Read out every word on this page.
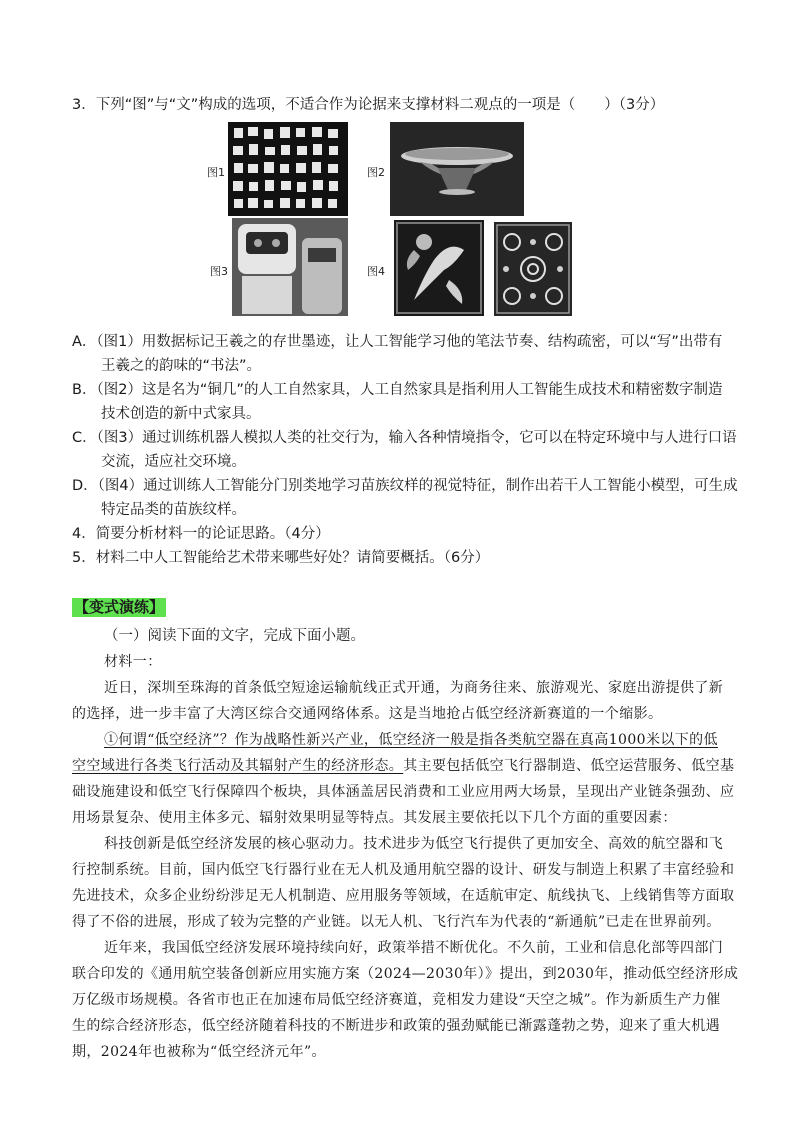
3．下列“图”与“文”构成的选项，不适合作为论据来支撑材料二观点的一项是（　　）（3分）
图1	图2
图3	图4
A．（图1）用数据标记王羲之的存世墨迹，让人工智能学习他的笔法节奏、结构疏密，可以“写”出带有
王羲之的韵味的“书法”。
B．（图2）这是名为“铜几”的人工自然家具，人工自然家具是指利用人工智能生成技术和精密数字制造
技术创造的新中式家具。
C．（图3）通过训练机器人模拟人类的社交行为，输入各种情境指令，它可以在特定环境中与人进行口语
交流，适应社交环境。
D．（图4）通过训练人工智能分门别类地学习苗族纹样的视觉特征，制作出若干人工智能小模型，可生成
特定品类的苗族纹样。
4．简要分析材料一的论证思路。（4分）
5．材料二中人工智能给艺术带来哪些好处？请简要概括。（6分）
【变式演练】
（一）阅读下面的文字，完成下面小题。
材料一：
近日，深圳至珠海的首条低空短途运输航线正式开通，为商务往来、旅游观光、家庭出游提供了新
的选择，进一步丰富了大湾区综合交通网络体系。这是当地抢占低空经济新赛道的一个缩影。
①何谓“低空经济”？作为战略性新兴产业，低空经济一般是指各类航空器在真高1000米以下的低
空空域进行各类飞行活动及其辐射产生的经济形态。其主要包括低空飞行器制造、低空运营服务、低空基
础设施建设和低空飞行保障四个板块，具体涵盖居民消费和工业应用两大场景，呈现出产业链条强劲、应
用场景复杂、使用主体多元、辐射效果明显等特点。其发展主要依托以下几个方面的重要因素：
科技创新是低空经济发展的核心驱动力。技术进步为低空飞行提供了更加安全、高效的航空器和飞
行控制系统。目前，国内低空飞行器行业在无人机及通用航空器的设计、研发与制造上积累了丰富经验和
先进技术，众多企业纷纷涉足无人机制造、应用服务等领域，在适航审定、航线执飞、上线销售等方面取
得了不俗的进展，形成了较为完整的产业链。以无人机、飞行汽车为代表的“新通航”已走在世界前列。
近年来，我国低空经济发展环境持续向好，政策举措不断优化。不久前，工业和信息化部等四部门
联合印发的《通用航空装备创新应用实施方案（2024—2030年）》提出，到2030年，推动低空经济形成
万亿级市场规模。各省市也正在加速布局低空经济赛道，竞相发力建设“天空之城”。作为新质生产力催
生的综合经济形态，低空经济随着科技的不断进步和政策的强劲赋能已渐露蓬勃之势，迎来了重大机遇
期，2024年也被称为“低空经济元年”。
